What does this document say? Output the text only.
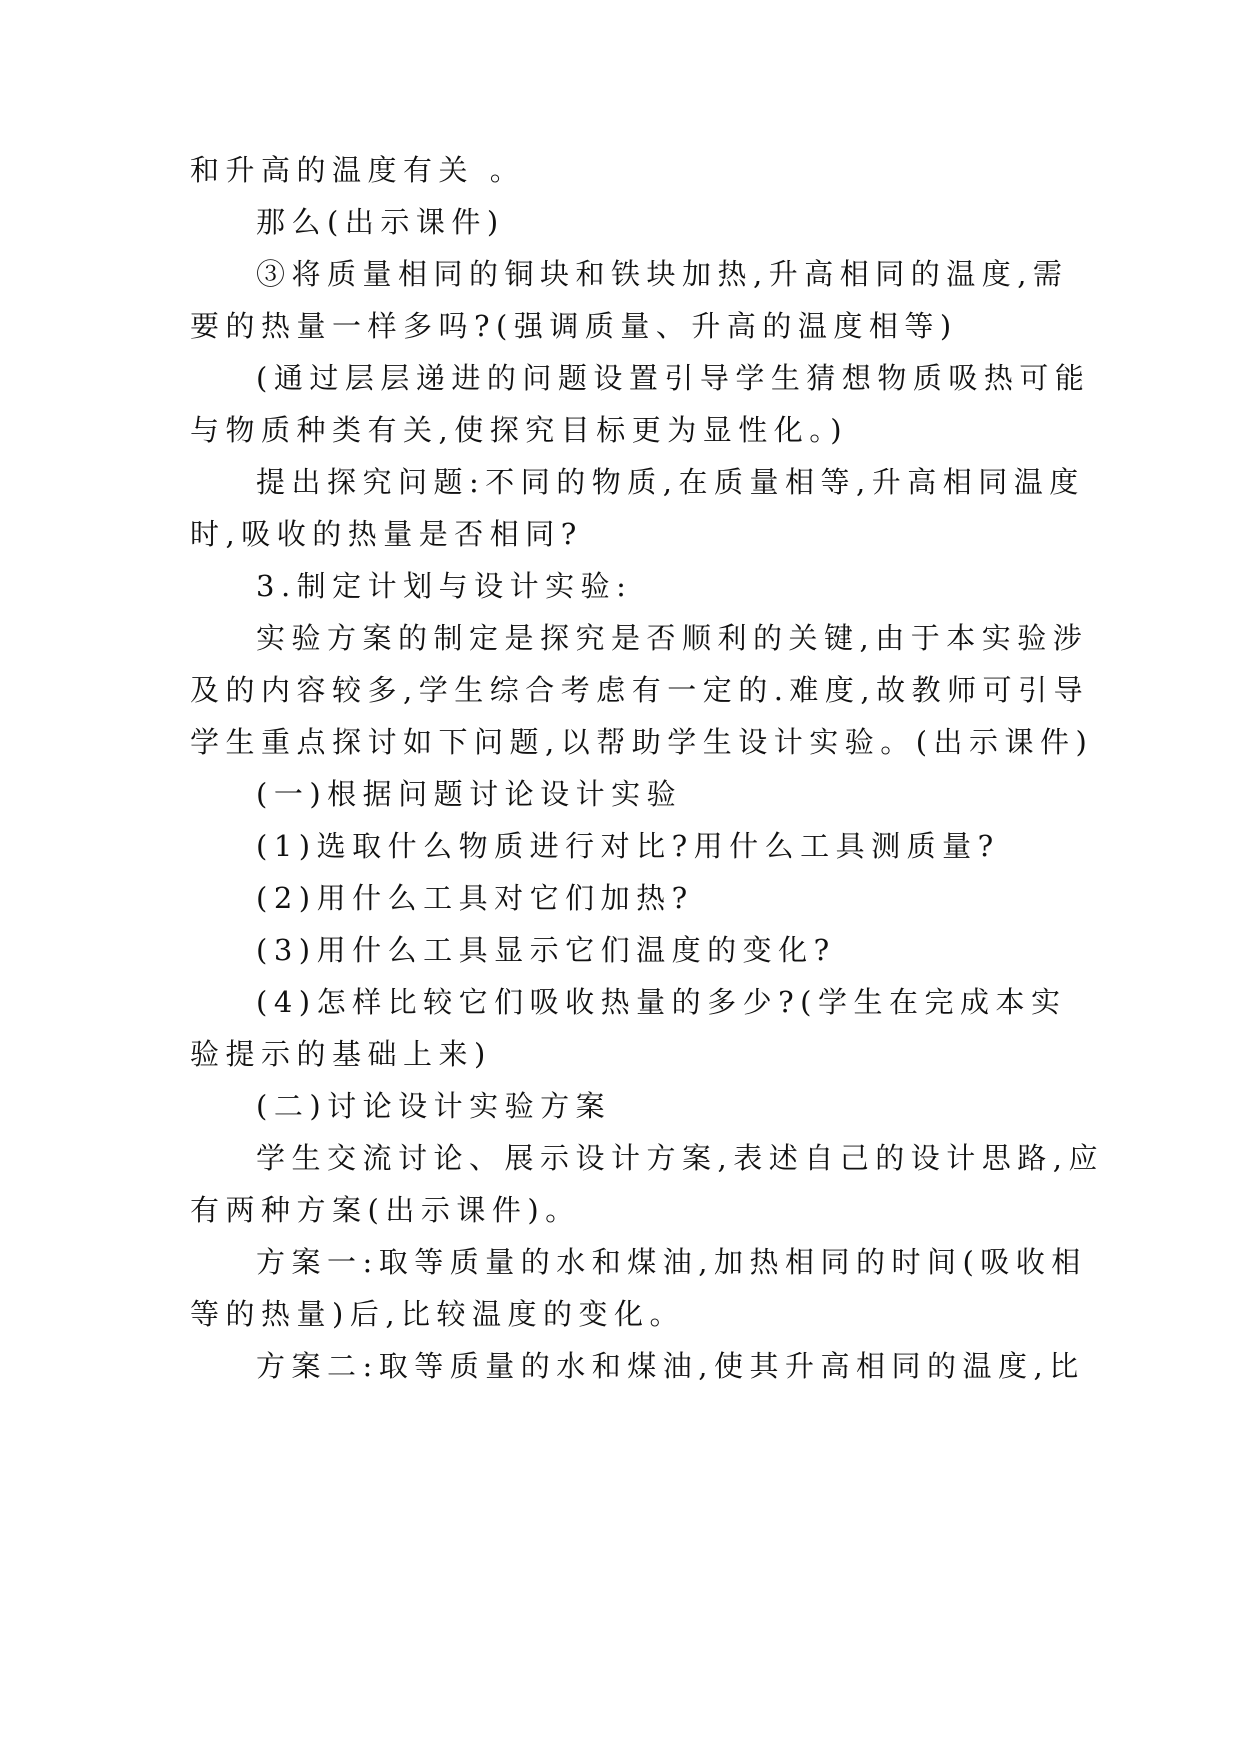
和升高的温度有关 。
那么(出示课件)
③将质量相同的铜块和铁块加热,升高相同的温度,需
要的热量一样多吗?(强调质量、升高的温度相等)
(通过层层递进的问题设置引导学生猜想物质吸热可能
与物质种类有关,使探究目标更为显性化。)
提出探究问题:不同的物质,在质量相等,升高相同温度
时,吸收的热量是否相同?
3.制定计划与设计实验:
实验方案的制定是探究是否顺利的关键,由于本实验涉
及的内容较多,学生综合考虑有一定的.难度,故教师可引导
学生重点探讨如下问题,以帮助学生设计实验。(出示课件)
(一)根据问题讨论设计实验
(1)选取什么物质进行对比?用什么工具测质量?
(2)用什么工具对它们加热?
(3)用什么工具显示它们温度的变化?
(4)怎样比较它们吸收热量的多少?(学生在完成本实
验提示的基础上来)
(二)讨论设计实验方案
学生交流讨论、展示设计方案,表述自己的设计思路,应
有两种方案(出示课件)。
方案一:取等质量的水和煤油,加热相同的时间(吸收相
等的热量)后,比较温度的变化。
方案二:取等质量的水和煤油,使其升高相同的温度,比
